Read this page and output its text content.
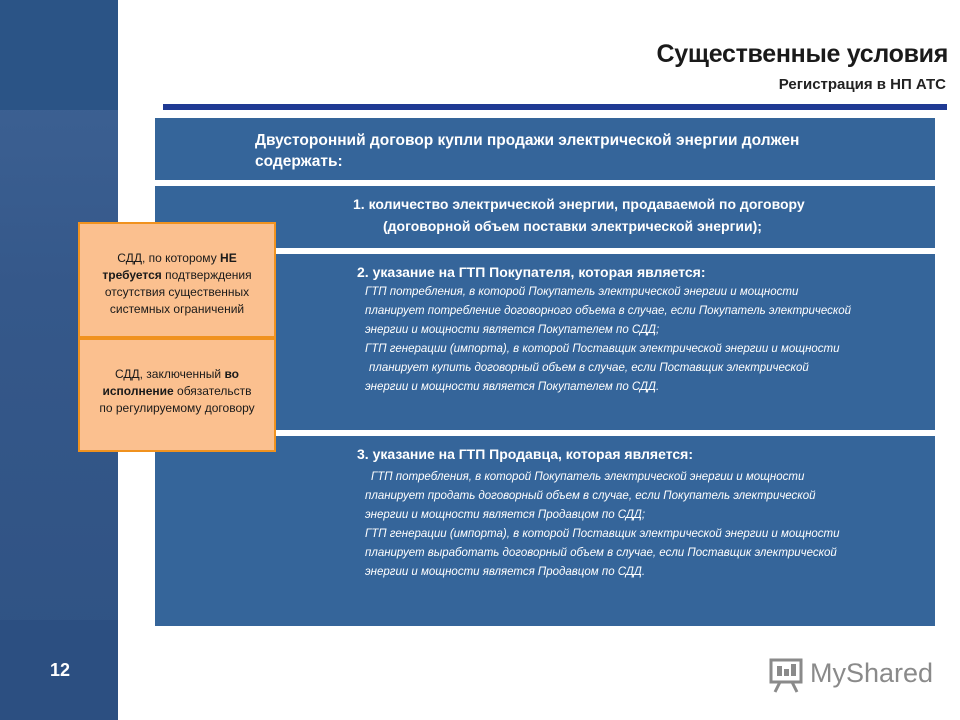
12
Существенные условия
Регистрация в НП АТС
Двусторонний договор купли продажи электрической энергии должен
содержать:
1. количество электрической энергии, продаваемой по договору
(договорной объем поставки электрической энергии);
2. указание на ГТП Покупателя, которая является:
ГТП потребления, в которой Покупатель электрической энергии и мощности
планирует потребление договорного объема в случае, если Покупатель электрической
энергии и мощности является Покупателем по СДД;
ГТП генерации (импорта), в которой Поставщик электрической энергии и мощности
планирует купить договорный объем в случае, если Поставщик электрической
энергии и мощности является Покупателем по СДД.
3. указание на ГТП Продавца, которая является:
ГТП потребления, в которой Покупатель электрической энергии и мощности
планирует продать договорный объем в случае, если Покупатель электрической
энергии и мощности является Продавцом по СДД;
ГТП генерации (импорта), в которой Поставщик электрической энергии и мощности
планирует выработать договорный объем в случае, если Поставщик электрической
энергии и мощности является Продавцом по СДД.
СДД, по которому НЕ
требуется подтверждения
отсутствия существенных
системных ограничений
СДД, заключенный во
исполнение обязательств
по регулируемому договору
MyShared
